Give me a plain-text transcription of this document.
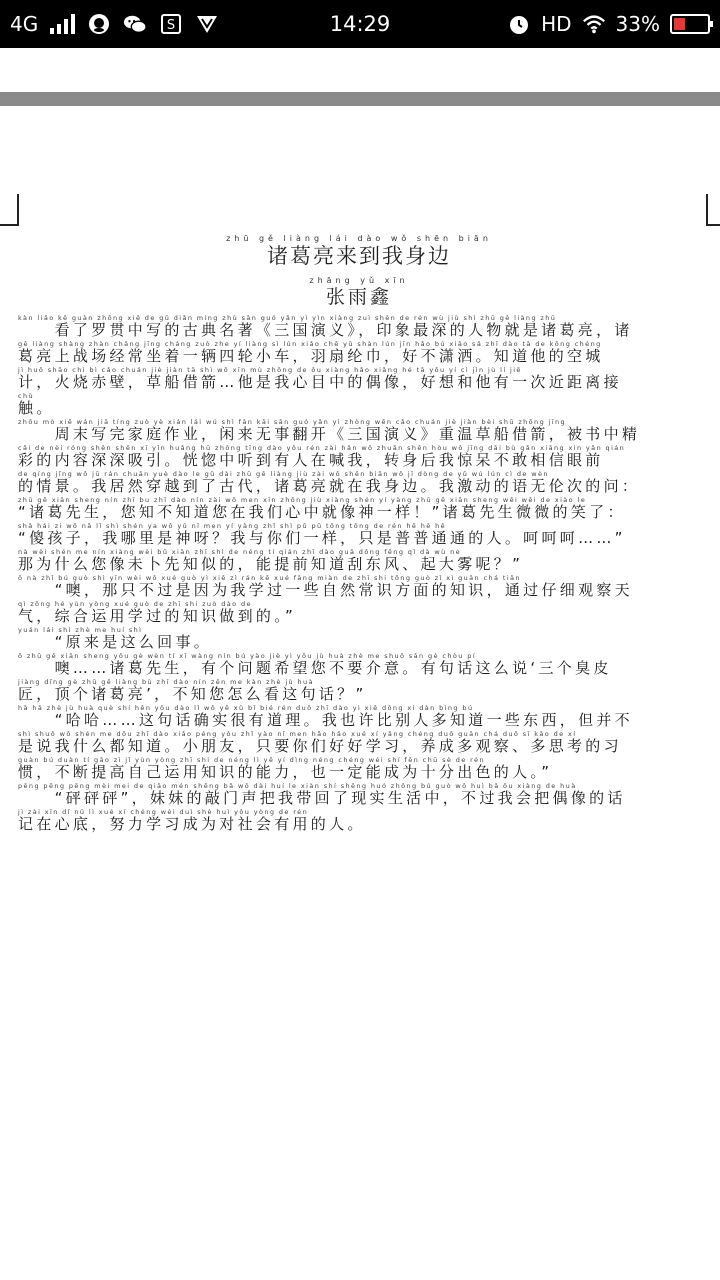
4G	S	14:29	HD 33%
zhū gě liàng lái dào wǒ shēn biān
诸葛亮来到我身边
zhāng yǔ xīn
张雨鑫
kàn liǎo kě guàn zhōng xiě de gǔ diǎn míng zhù sān guó yǎn yì yìn xiàng zuì shēn de rén wù jiù shì zhū gě liàng zhū
　　看了罗贯中写的古典名著《三国演义》，印象最深的人物就是诸葛亮，诸
gě liàng shàng zhàn chǎng jīng cháng zuò zhe yí liàng sì lún xiǎo chē yǔ shàn lún jīn hǎo bú xiāo sǎ zhī dào tā de kōng chéng
葛亮上战场经常坐着一辆四轮小车，羽扇纶巾，好不潇洒。知道他的空城
jì huǒ shāo chì bì cǎo chuán jiè jiàn tā shì wǒ xīn mù zhōng de ǒu xiàng hǎo xiǎng hé tā yǒu yí cì jìn jù lí jiē
计，火烧赤壁，草船借箭…他是我心目中的偶像，好想和他有一次近距离接
chù
触。
zhōu mò xiě wán jiā tíng zuò yè xián lái wú shì fān kāi sān guó yǎn yì zhòng wēn cǎo chuán jiè jiàn bèi shū zhōng jīng
　　周末写完家庭作业，闲来无事翻开《三国演义》重温草船借箭，被书中精
cǎi de nèi róng shēn shēn xī yǐn huǎng hū zhōng tīng dào yǒu rén zài hǎn wǒ zhuǎn shēn hòu wǒ jīng dāi bù gǎn xiāng xìn yǎn qián
彩的内容深深吸引。恍惚中听到有人在喊我，转身后我惊呆不敢相信眼前
de qíng jǐng wǒ jū rán chuān yuè dào le gǔ dài zhū gě liàng jiù zài wǒ shēn biān wǒ jī dòng de yǔ wú lún cì de wèn
的情景。我居然穿越到了古代，诸葛亮就在我身边。我激动的语无伦次的问：
zhū gě xiān sheng nín zhī bu zhī dào nín zài wǒ men xīn zhōng jiù xiàng shén yí yàng zhū gě xiān sheng wēi wēi de xiào le
“诸葛先生，您知不知道您在我们心中就像神一样！”诸葛先生微微的笑了：
shǎ hái zi wǒ nǎ lǐ shì shén ya wǒ yǔ nǐ men yí yàng zhǐ shì pǔ pǔ tōng tōng de rén hē hē hē
“傻孩子，我哪里是神呀？我与你们一样，只是普普通通的人。呵呵呵……”
nà wèi shén me nín xiàng wèi bǔ xiān zhī shì de néng tí qián zhī dào guā dōng fēng qǐ dà wù ne
那为什么您像未卜先知似的，能提前知道刮东风、起大雾呢？”
ō nà zhǐ bú guò shì yīn wèi wǒ xué guò yì xiē zì rán kē xué fāng miàn de zhī shi tōng guò zǐ xì guān chá tiān
　　“噢，那只不过是因为我学过一些自然常识方面的知识，通过仔细观察天
qì zōng hé yùn yòng xué guò de zhī shi zuò dào de
气，综合运用学过的知识做到的。”
yuán lái shì zhè me huí shì
　　“原来是这么回事。
ō zhū gě xiān sheng yǒu gè wèn tí xī wàng nín bú yào jiè yì yǒu jù huà zhè me shuō sān gè chòu pí
　　噢……诸葛先生，有个问题希望您不要介意。有句话这么说‘三个臭皮
jiàng dǐng gè zhū gě liàng bù zhī dào nín zěn me kàn zhè jù huà
匠，顶个诸葛亮’，不知您怎么看这句话？”
hā hā zhè jù huà què shí hěn yǒu dào lǐ wǒ yě xǔ bǐ bié rén duō zhī dào yì xiē dōng xi dàn bìng bú
　　“哈哈……这句话确实很有道理。我也许比别人多知道一些东西，但并不
shì shuō wǒ shén me dōu zhī dào xiǎo péng yǒu zhǐ yào nǐ men hǎo hǎo xué xí yǎng chéng duō guān chá duō sī kǎo de xí
是说我什么都知道。小朋友，只要你们好好学习，养成多观察、多思考的习
guàn bú duàn tí gāo zì jǐ yùn yòng zhī shi de néng lì yě yí dìng néng chéng wéi shí fēn chū sè de rén
惯，不断提高自己运用知识的能力，也一定能成为十分出色的人。”
pēng pēng pēng mèi mei de qiāo mén shēng bǎ wǒ dài huí le xiàn shí shēng huó zhōng bú guò wǒ huì bǎ ǒu xiàng de huà
　　“砰砰砰”，妹妹的敲门声把我带回了现实生活中，不过我会把偶像的话
jì zài xīn dǐ nǔ lì xué xí chéng wéi duì shè huì yǒu yòng de rén
记在心底，努力学习成为对社会有用的人。
